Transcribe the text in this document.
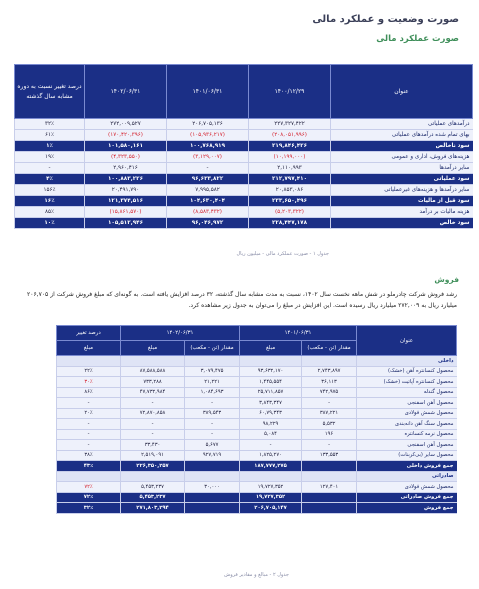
صورت وضعیت و عملکرد مالی
صورت عملکرد مالی
عنوان	۱۴۰۰/۱۲/۲۹	۱۴۰۱/۰۶/۳۱	۱۴۰۲/۰۶/۳۱	درصد تغییر نسبت به دوره مشابه سال گذشته
درآمدهای عملیاتی	۲۲۷,۳۲۷,۴۲۲	۲۰۶,۷۰۵,۱۳۶	۲۷۲,۰۰۹,۵۲۷	۳۲٪
بهای تمام شده درآمدهای عملیاتی	(۲۰۸,۰۵۱,۹۹۶)	(۱۰۵,۹۳۶,۲۱۷)	(۱۷۰,۴۲۰,۳۹۶)	۶۱٪
سود ناخالص	۲۱۹,۸۴۶,۴۲۶	۱۰۰,۷۶۸,۹۱۹	۱۰۱,۵۸۰,۱۶۱	۱٪
هزینه‌های فروش، اداری و عمومی	(۱۰,۱۹۹,۰۰۰)	(۳,۱۲۹,۰۰۷)	(۴,۳۲۳,۵۵۰)	۱۹٪
سایر درآمدها	۲,۱۱۰,۹۹۳	-	۲,۹۶۰,۴۱۶	-
سود عملیاتی	۲۱۲,۷۹۷,۴۱۰	۹۶,۶۳۳,۸۲۲	۱۰۰,۸۸۳,۲۲۶	۴٪
سایر درآمدها و هزینه‌های غیرعملیاتی	۲۰,۸۵۳,۰۸۶	۷,۹۹۵,۵۸۲	۲۰,۴۹۱,۷۹۰	۱۵۶٪
سود قبل از مالیات	۲۳۳,۶۵۰,۴۹۶	۱۰۴,۶۳۰,۴۰۴	۱۲۱,۳۷۴,۵۱۶	۱۶٪
هزینه مالیات بر درآمد	(۵,۲۰۳,۳۲۲)	(۸,۵۸۳,۴۳۲)	(۱۵,۸۶۱,۵۷۰)	۸۵٪
سود خالص	۲۲۸,۴۴۷,۱۷۸	۹۶,۰۴۶,۹۷۲	۱۰۵,۵۱۲,۹۴۶	۱۰٪
جدول ۱ - صورت عملکرد مالی - میلیون ریال
فروش
رشد فروش شرکت چادرملو در شش ماهه نخست سال ۱۴۰۲، نسبت به مدت مشابه سال گذشته، ۳۲ درصد افزایش یافته است. به گونه‌ای که مبلغ فروش شرکت از ۲۰۶,۷۰۵ میلیارد ریال به ۲۷۲,۰۰۹ میلیارد ریال رسیده است. این افزایش در مبلغ را می‌توان به جدول زیر مشاهده کرد.
عنوان	۱۴۰۱/۰۶/۳۱		۱۴۰۲/۰۶/۳۱		درصد تغییر
	مقدار (تن - مکعب)	مبلغ	مقدار (تن - مکعب)	مبلغ	مبلغ
داخلی					
محصول کنسانتره آهن (خشک)	۲,۷۴۳,۸۹۷	۹۳,۶۳۲,۱۷۰	۳,۰۷۹,۴۷۵	۸۷,۵۸۸,۵۸۸	۲۲٪
محصول کنسانتره آپاتیت (خشک)	۳۶,۱۱۳	۱,۴۴۵,۵۵۴	۲۱,۲۲۱	۷۳۳,۲۸۸	۳۰٪
محصول گندله	۷۴۲,۹۷۵	۲۵,۷۱۱,۸۵۷	۱,۰۸۴,۶۹۳	۴۷,۷۳۲,۹۸۴	۸۶٪
محصول آهن اسفنجی	-	۳,۸۴۳,۳۴۷	-	-	-
محصول شمش فولادی	۳۸۷,۲۲۱	۶۰,۷۹,۳۴۳	۳۸۹,۵۴۳	۷۲,۸۷۰,۸۵۸	۲۰٪
محصول سنگ آهن دانه‌بندی	۵,۵۳۲	۹۸,۲۲۹	-	-	-
محصول نرمه کنسانتره	۱۹۶	۵,۰۸۴	-	-	-
محصول آهن اسفنجی	-	-	۵,۶۷۷	۳۳,۴۳۰	-
محصول سایر (بی‌کربنات)	۱۳۳,۵۵۳	۱,۸۲۵,۲۷۰	۹۲۷,۷۱۹	۲,۵۱۹,۰۹۱	۳۸٪
جمع فروش داخلی		۱۸۷,۷۷۷,۲۷۵		۲۲۶,۳۵۰,۲۵۷	۴۳٪
صادراتی					
محصول شمش فولادی	۱۲۷,۴۰۱	۱۹,۷۲۷,۳۵۲	۳۰,۰۰۰	۵,۴۵۳,۲۳۷	۷۲٪
جمع فروش صادراتی		۱۹,۷۲۷,۳۵۲		۵,۴۵۳,۲۳۷	۷۲٪
جمع فروش		۲۰۶,۷۰۵,۱۴۷		۲۷۱,۸۰۳,۲۹۴	۳۲٪
جدول ۲ - مبالغ و مقادیر فروش
